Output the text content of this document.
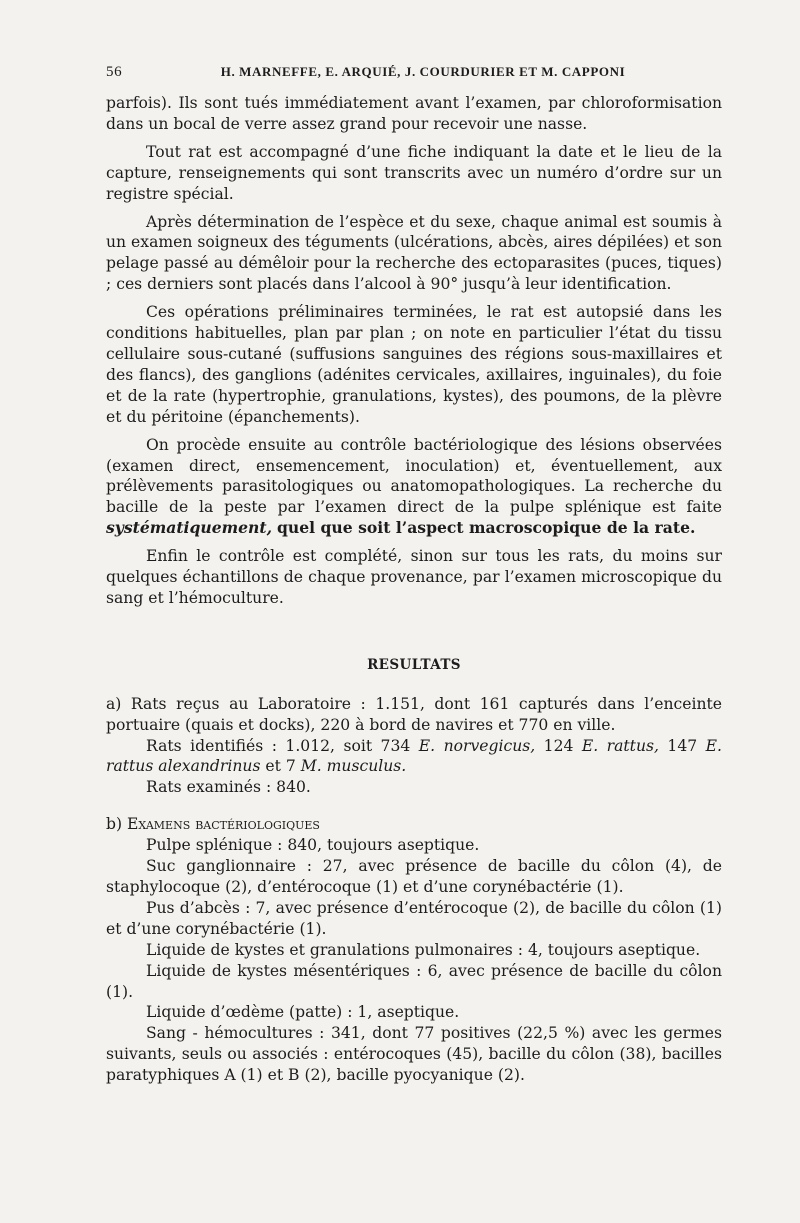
56	H. MARNEFFE, E. ARQUIÉ, J. COURDURIER ET M. CAPPONI

parfois). Ils sont tués immédiatement avant l’examen, par chloroformisation dans un bocal de verre assez grand pour recevoir une nasse.

Tout rat est accompagné d’une fiche indiquant la date et le lieu de la capture, renseignements qui sont transcrits avec un numéro d’ordre sur un registre spécial.

Après détermination de l’espèce et du sexe, chaque animal est soumis à un examen soigneux des téguments (ulcérations, abcès, aires dépilées) et son pelage passé au démêloir pour la recherche des ectoparasites (puces, tiques) ; ces derniers sont placés dans l’alcool à 90° jusqu’à leur identification.

Ces opérations préliminaires terminées, le rat est autopsié dans les conditions habituelles, plan par plan ; on note en particulier l’état du tissu cellulaire sous-cutané (suffusions sanguines des régions sous-maxillaires et des flancs), des ganglions (adénites cervicales, axillaires, inguinales), du foie et de la rate (hypertrophie, granulations, kystes), des poumons, de la plèvre et du péritoine (épanchements).

On procède ensuite au contrôle bactériologique des lésions observées (examen direct, ensemencement, inoculation) et, éventuellement, aux prélèvements parasitologiques ou anatomopathologiques. La recherche du bacille de la peste par l’examen direct de la pulpe splénique est faite systématiquement, quel que soit l’aspect macroscopique de la rate.

Enfin le contrôle est complété, sinon sur tous les rats, du moins sur quelques échantillons de chaque provenance, par l’examen microscopique du sang et l’hémoculture.

RESULTATS

a) Rats reçus au Laboratoire : 1.151, dont 161 capturés dans l’enceinte portuaire (quais et docks), 220 à bord de navires et 770 en ville.

Rats identifiés : 1.012, soit 734 E. norvegicus, 124 E. rattus, 147 E. rattus alexandrinus et 7 M. musculus.

Rats examinés : 840.

b) Examens bactériologiques

Pulpe splénique : 840, toujours aseptique.

Suc ganglionnaire : 27, avec présence de bacille du côlon (4), de staphylocoque (2), d’entérocoque (1) et d’une corynébactérie (1).

Pus d’abcès : 7, avec présence d’entérocoque (2), de bacille du côlon (1) et d’une corynébactérie (1).

Liquide de kystes et granulations pulmonaires : 4, toujours aseptique.

Liquide de kystes mésentériques : 6, avec présence de bacille du côlon (1).

Liquide d’œdème (patte) : 1, aseptique.

Sang - hémocultures : 341, dont 77 positives (22,5 %) avec les germes suivants, seuls ou associés : entérocoques (45), bacille du côlon (38), bacilles paratyphiques A (1) et B (2), bacille pyocyanique (2).
